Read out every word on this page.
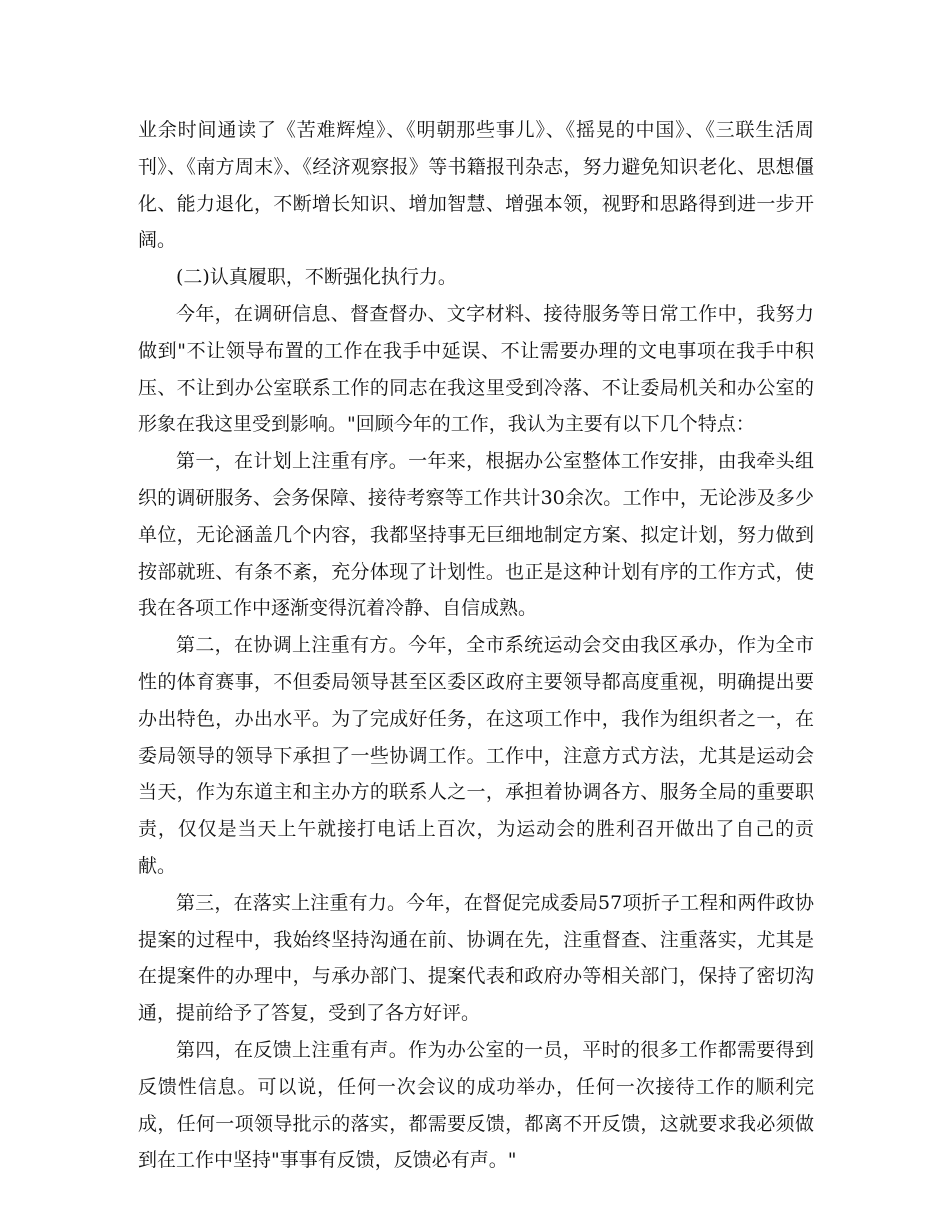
业余时间通读了《苦难辉煌》、《明朝那些事儿》、《摇晃的中国》、《三联生活周刊》、《南方周末》、《经济观察报》等书籍报刊杂志，努力避免知识老化、思想僵化、能力退化，不断增长知识、增加智慧、增强本领，视野和思路得到进一步开阔。

(二)认真履职，不断强化执行力。

今年，在调研信息、督查督办、文字材料、接待服务等日常工作中，我努力做到"不让领导布置的工作在我手中延误、不让需要办理的文电事项在我手中积压、不让到办公室联系工作的同志在我这里受到冷落、不让委局机关和办公室的形象在我这里受到影响。"回顾今年的工作，我认为主要有以下几个特点：

第一，在计划上注重有序。一年来，根据办公室整体工作安排，由我牵头组织的调研服务、会务保障、接待考察等工作共计30余次。工作中，无论涉及多少单位，无论涵盖几个内容，我都坚持事无巨细地制定方案、拟定计划，努力做到按部就班、有条不紊，充分体现了计划性。也正是这种计划有序的工作方式，使我在各项工作中逐渐变得沉着冷静、自信成熟。

第二，在协调上注重有方。今年，全市系统运动会交由我区承办，作为全市性的体育赛事，不但委局领导甚至区委区政府主要领导都高度重视，明确提出要办出特色，办出水平。为了完成好任务，在这项工作中，我作为组织者之一，在委局领导的领导下承担了一些协调工作。工作中，注意方式方法，尤其是运动会当天，作为东道主和主办方的联系人之一，承担着协调各方、服务全局的重要职责，仅仅是当天上午就接打电话上百次，为运动会的胜利召开做出了自己的贡献。

第三，在落实上注重有力。今年，在督促完成委局57项折子工程和两件政协提案的过程中，我始终坚持沟通在前、协调在先，注重督查、注重落实，尤其是在提案件的办理中，与承办部门、提案代表和政府办等相关部门，保持了密切沟通，提前给予了答复，受到了各方好评。

第四，在反馈上注重有声。作为办公室的一员，平时的很多工作都需要得到反馈性信息。可以说，任何一次会议的成功举办，任何一次接待工作的顺利完成，任何一项领导批示的落实，都需要反馈，都离不开反馈，这就要求我必须做到在工作中坚持"事事有反馈，反馈必有声。"
